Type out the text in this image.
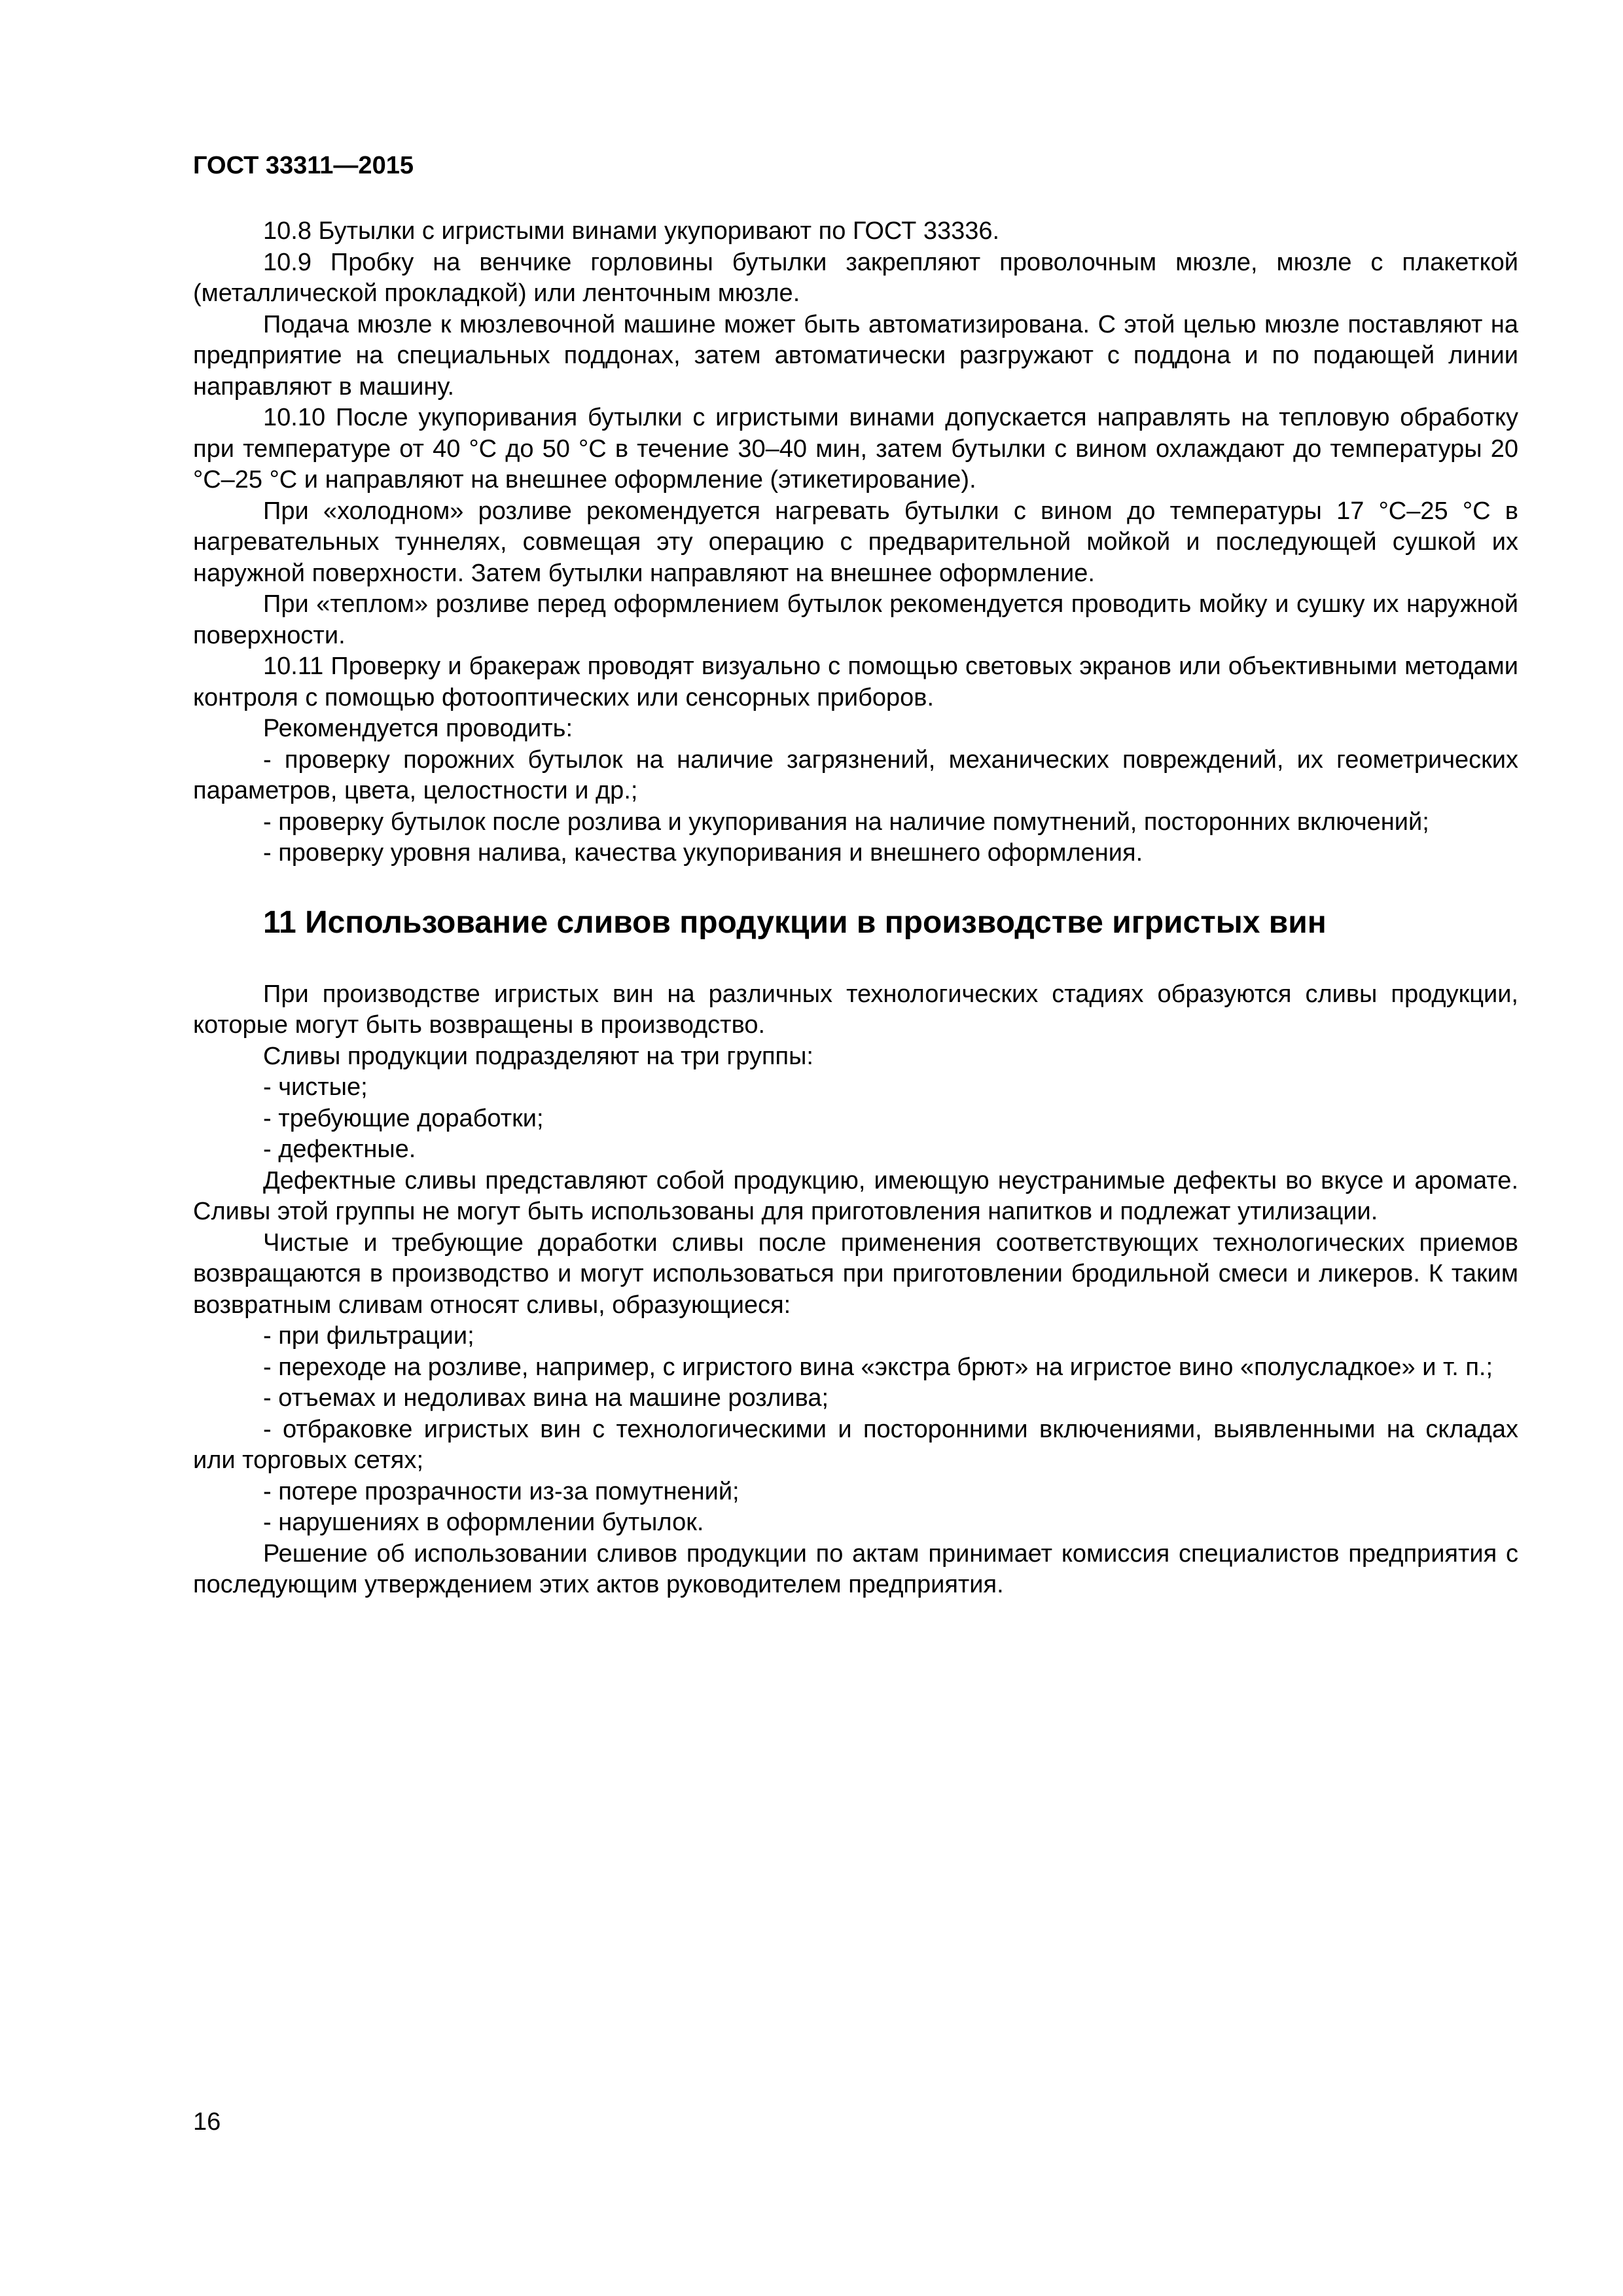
ГОСТ 33311—2015

10.8 Бутылки с игристыми винами укупоривают по ГОСТ 33336.

10.9 Пробку на венчике горловины бутылки закрепляют проволочным мюзле, мюзле с плакеткой (металлической прокладкой) или ленточным мюзле.

Подача мюзле к мюзлевочной машине может быть автоматизирована. С этой целью мюзле поставляют на предприятие на специальных поддонах, затем автоматически разгружают с поддона и по подающей линии направляют в машину.

10.10 После укупоривания бутылки с игристыми винами допускается направлять на тепловую обработку при температуре от 40 °С до 50 °С в течение 30–40 мин, затем бутылки с вином охлаждают до температуры 20 °С–25 °С и направляют на внешнее оформление (этикетирование).

При «холодном» розливе рекомендуется нагревать бутылки с вином до температуры 17 °С–25 °С в нагревательных туннелях, совмещая эту операцию с предварительной мойкой и последующей сушкой их наружной поверхности. Затем бутылки направляют на внешнее оформление.

При «теплом» розливе перед оформлением бутылок рекомендуется проводить мойку и сушку их наружной поверхности.

10.11 Проверку и бракераж проводят визуально с помощью световых экранов или объективными методами контроля с помощью фотооптических или сенсорных приборов.

Рекомендуется проводить:

- проверку порожних бутылок на наличие загрязнений, механических повреждений, их геометрических параметров, цвета, целостности и др.;

- проверку бутылок после розлива и укупоривания на наличие помутнений, посторонних включений;

- проверку уровня налива, качества укупоривания и внешнего оформления.

11 Использование сливов продукции в производстве игристых вин

При производстве игристых вин на различных технологических стадиях образуются сливы продукции, которые могут быть возвращены в производство.

Сливы продукции подразделяют на три группы:

- чистые;

- требующие доработки;

- дефектные.

Дефектные сливы представляют собой продукцию, имеющую неустранимые дефекты во вкусе и аромате. Сливы этой группы не могут быть использованы для приготовления напитков и подлежат утилизации.

Чистые и требующие доработки сливы после применения соответствующих технологических приемов возвращаются в производство и могут использоваться при приготовлении бродильной смеси и ликеров. К таким возвратным сливам относят сливы, образующиеся:

- при фильтрации;

- переходе на розливе, например, с игристого вина «экстра брют» на игристое вино «полусладкое» и т. п.;

- отъемах и недоливах вина на машине розлива;

- отбраковке игристых вин с технологическими и посторонними включениями, выявленными на складах или торговых сетях;

- потере прозрачности из-за помутнений;

- нарушениях в оформлении бутылок.

Решение об использовании сливов продукции по актам принимает комиссия специалистов предприятия с последующим утверждением этих актов руководителем предприятия.

16
